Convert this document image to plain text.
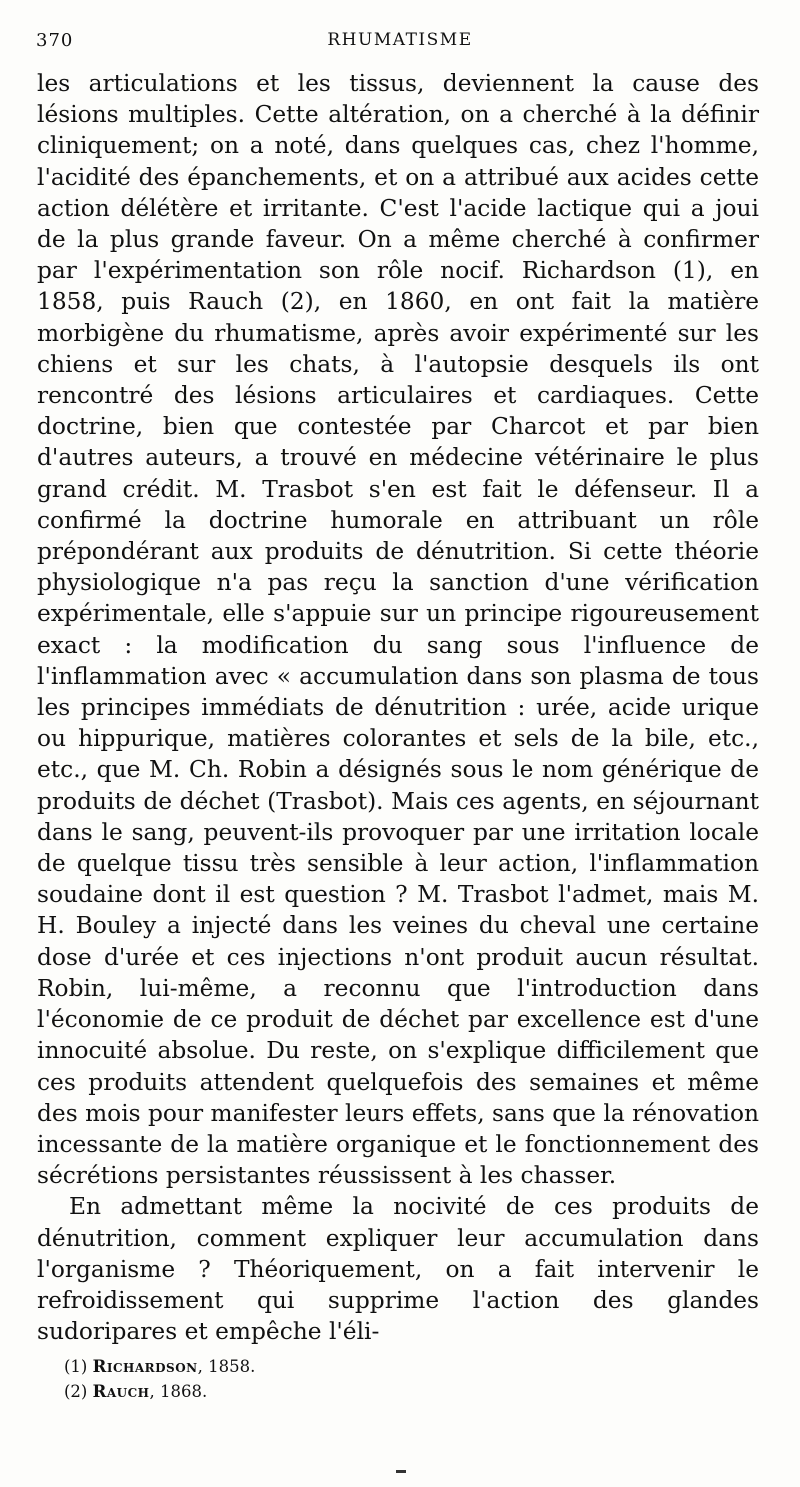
370	RHUMATISME

les articulations et les tissus, deviennent la cause des lésions multiples. Cette altération, on a cherché à la définir cliniquement; on a noté, dans quelques cas, chez l'homme, l'acidité des épanchements, et on a attribué aux acides cette action délétère et irritante. C'est l'acide lactique qui a joui de la plus grande faveur. On a même cherché à confirmer par l'expérimentation son rôle nocif. Richardson (1), en 1858, puis Rauch (2), en 1860, en ont fait la matière morbigène du rhumatisme, après avoir expérimenté sur les chiens et sur les chats, à l'autopsie desquels ils ont rencontré des lésions articulaires et cardiaques. Cette doctrine, bien que contestée par Charcot et par bien d'autres auteurs, a trouvé en médecine vétérinaire le plus grand crédit. M. Trasbot s'en est fait le défenseur. Il a confirmé la doctrine humorale en attribuant un rôle prépondérant aux produits de dénutrition. Si cette théorie physiologique n'a pas reçu la sanction d'une vérification expérimentale, elle s'appuie sur un principe rigoureusement exact : la modification du sang sous l'influence de l'inflammation avec « accumulation dans son plasma de tous les principes immédiats de dénutrition : urée, acide urique ou hippurique, matières colorantes et sels de la bile, etc., etc., que M. Ch. Robin a désignés sous le nom générique de produits de déchet (Trasbot). Mais ces agents, en séjournant dans le sang, peuvent-ils provoquer par une irritation locale de quelque tissu très sensible à leur action, l'inflammation soudaine dont il est question ? M. Trasbot l'admet, mais M. H. Bouley a injecté dans les veines du cheval une certaine dose d'urée et ces injections n'ont produit aucun résultat. Robin, lui-même, a reconnu que l'introduction dans l'économie de ce produit de déchet par excellence est d'une innocuité absolue. Du reste, on s'explique difficilement que ces produits attendent quelquefois des semaines et même des mois pour manifester leurs effets, sans que la rénovation incessante de la matière organique et le fonctionnement des sécrétions persistantes réussissent à les chasser.

En admettant même la nocivité de ces produits de dénutrition, comment expliquer leur accumulation dans l'organisme ? Théoriquement, on a fait intervenir le refroidissement qui supprime l'action des glandes sudoripares et empêche l'éli-

(1) Richardson, 1858.

(2) Rauch, 1868.
